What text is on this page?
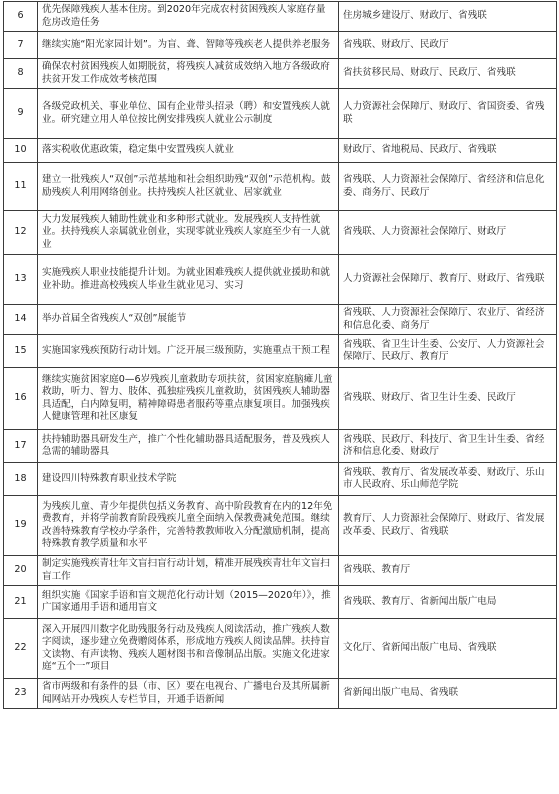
6	优先保障残疾人基本住房。到2020年完成农村贫困残疾人家庭存量危房改造任务	住房城乡建设厅、财政厅、省残联
7	继续实施“阳光家园计划”。为盲、聋、智障等残疾老人提供养老服务	省残联、财政厅、民政厅
8	确保农村贫困残疾人如期脱贫，将残疾人减贫成效纳入地方各级政府扶贫开发工作成效考核范围	省扶贫移民局、财政厅、民政厅、省残联
9	各级党政机关、事业单位、国有企业带头招录（聘）和安置残疾人就业。研究建立用人单位按比例安排残疾人就业公示制度	人力资源社会保障厅、财政厅、省国资委、省残联
10	落实税收优惠政策，稳定集中安置残疾人就业	财政厅、省地税局、民政厅、省残联
11	建立一批残疾人“双创”示范基地和社会组织助残“双创”示范机构。鼓励残疾人利用网络创业。扶持残疾人社区就业、居家就业	省残联、人力资源社会保障厅、省经济和信息化委、商务厅、民政厅
12	大力发展残疾人辅助性就业和多种形式就业。发展残疾人支持性就业。扶持残疾人亲属就业创业，实现零就业残疾人家庭至少有一人就业	省残联、人力资源社会保障厅、财政厅
13	实施残疾人职业技能提升计划。为就业困难残疾人提供就业援助和就业补助。推进高校残疾人毕业生就业见习、实习	人力资源社会保障厅、教育厅、财政厅、省残联
14	举办首届全省残疾人“双创”展能节	省残联、人力资源社会保障厅、农业厅、省经济和信息化委、商务厅
15	实施国家残疾预防行动计划。广泛开展三级预防，实施重点干预工程	省残联、省卫生计生委、公安厅、人力资源社会保障厅、民政厅、教育厅
16	继续实施贫困家庭0—6岁残疾儿童救助专项扶贫，贫困家庭脑瘫儿童救助，听力、智力、肢体、孤独症残疾儿童救助，贫困残疾人辅助器具适配，白内障复明，精神障碍患者服药等重点康复项目。加强残疾人健康管理和社区康复	省残联、财政厅、省卫生计生委、民政厅
17	扶持辅助器具研发生产，推广个性化辅助器具适配服务，普及残疾人急需的辅助器具	省残联、民政厅、科技厅、省卫生计生委、省经济和信息化委、财政厅
18	建设四川特殊教育职业技术学院	省残联、教育厅、省发展改革委、财政厅、乐山市人民政府、乐山师范学院
19	为残疾儿童、青少年提供包括义务教育、高中阶段教育在内的12年免费教育，并将学前教育阶段残疾儿童全面纳入保教费减免范围。继续改善特殊教育学校办学条件，完善特教教师收入分配激励机制，提高特殊教育教学质量和水平	教育厅、人力资源社会保障厅、财政厅、省发展改革委、民政厅、省残联
20	制定实施残疾青壮年文盲扫盲行动计划，精准开展残疾青壮年文盲扫盲工作	省残联、教育厅
21	组织实施《国家手语和盲文规范化行动计划（2015—2020年）》，推广国家通用手语和通用盲文	省残联、教育厅、省新闻出版广电局
22	深入开展四川数字化助残服务行动及残疾人阅读活动，推广残疾人数字阅读，逐步建立免费赠阅体系，形成地方残疾人阅读品牌。扶持盲文读物、有声读物、残疾人题材图书和音像制品出版。实施文化进家庭“五个一”项目	文化厅、省新闻出版广电局、省残联
23	省市两级和有条件的县（市、区）要在电视台、广播电台及其所属新闻网站开办残疾人专栏节目，开通手语新闻	省新闻出版广电局、省残联
